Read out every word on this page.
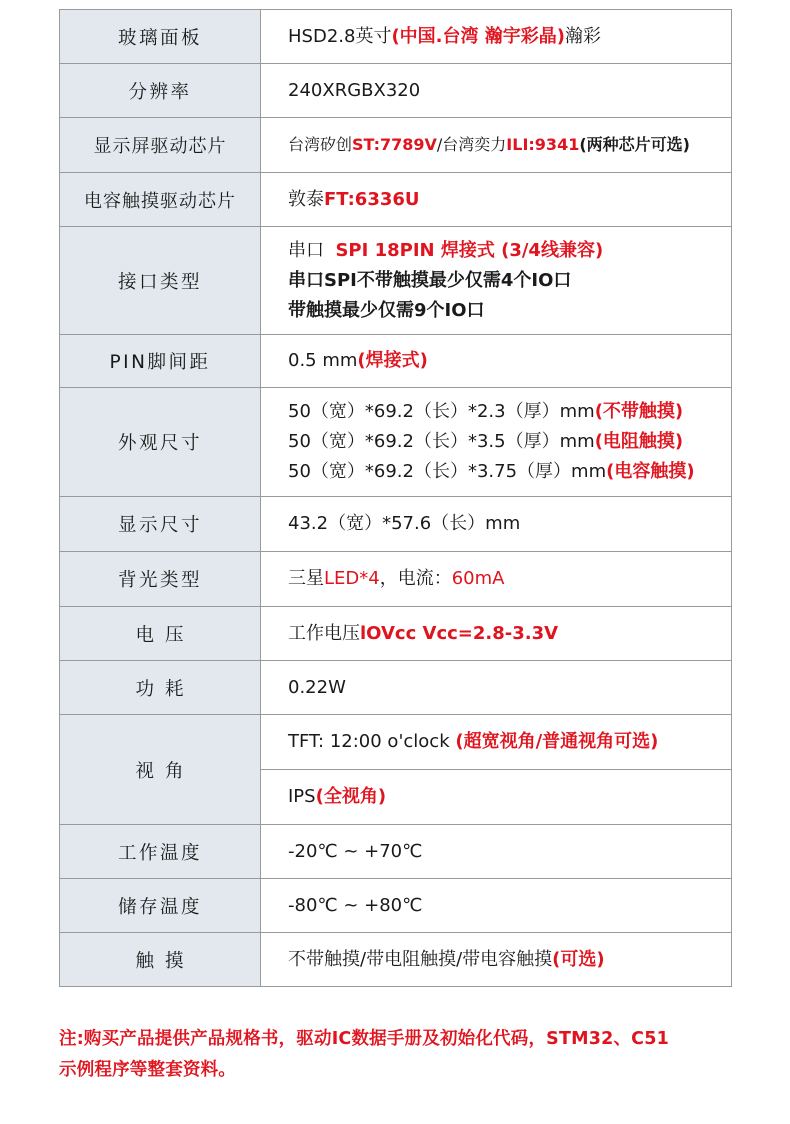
玻璃面板	HSD2.8英寸(中国.台湾 瀚宇彩晶)瀚彩
分辨率	240XRGBX320
显示屏驱动芯片	台湾矽创ST:7789V/台湾奕力ILI:9341(两种芯片可选)
电容触摸驱动芯片	敦泰FT:6336U
接口类型	串口 SPI 18PIN 焊接式 (3/4线兼容)
串口SPI不带触摸最少仅需4个IO口
带触摸最少仅需9个IO口

PIN脚间距	0.5 mm(焊接式)
外观尺寸	50（宽）*69.2（长）*2.3（厚）mm(不带触摸)
50（宽）*69.2（长）*3.5（厚）mm(电阻触摸)
50（宽）*69.2（长）*3.75（厚）mm(电容触摸)

显示尺寸	43.2（宽）*57.6（长）mm
背光类型	三星LED*4，电流：60mA
电压	工作电压lOVcc Vcc=2.8-3.3V
功耗	0.22W
视角	TFT: 12:00 o'clock (超宽视角/普通视角可选)
	IPS(全视角)
工作温度	-20℃ ~ +70℃
储存温度	-80℃ ~ +80℃
触摸	不带触摸/带电阻触摸/带电容触摸(可选)
注:购买产品提供产品规格书，驱动IC数据手册及初始化代码，STM32、C51
示例程序等整套资料。
